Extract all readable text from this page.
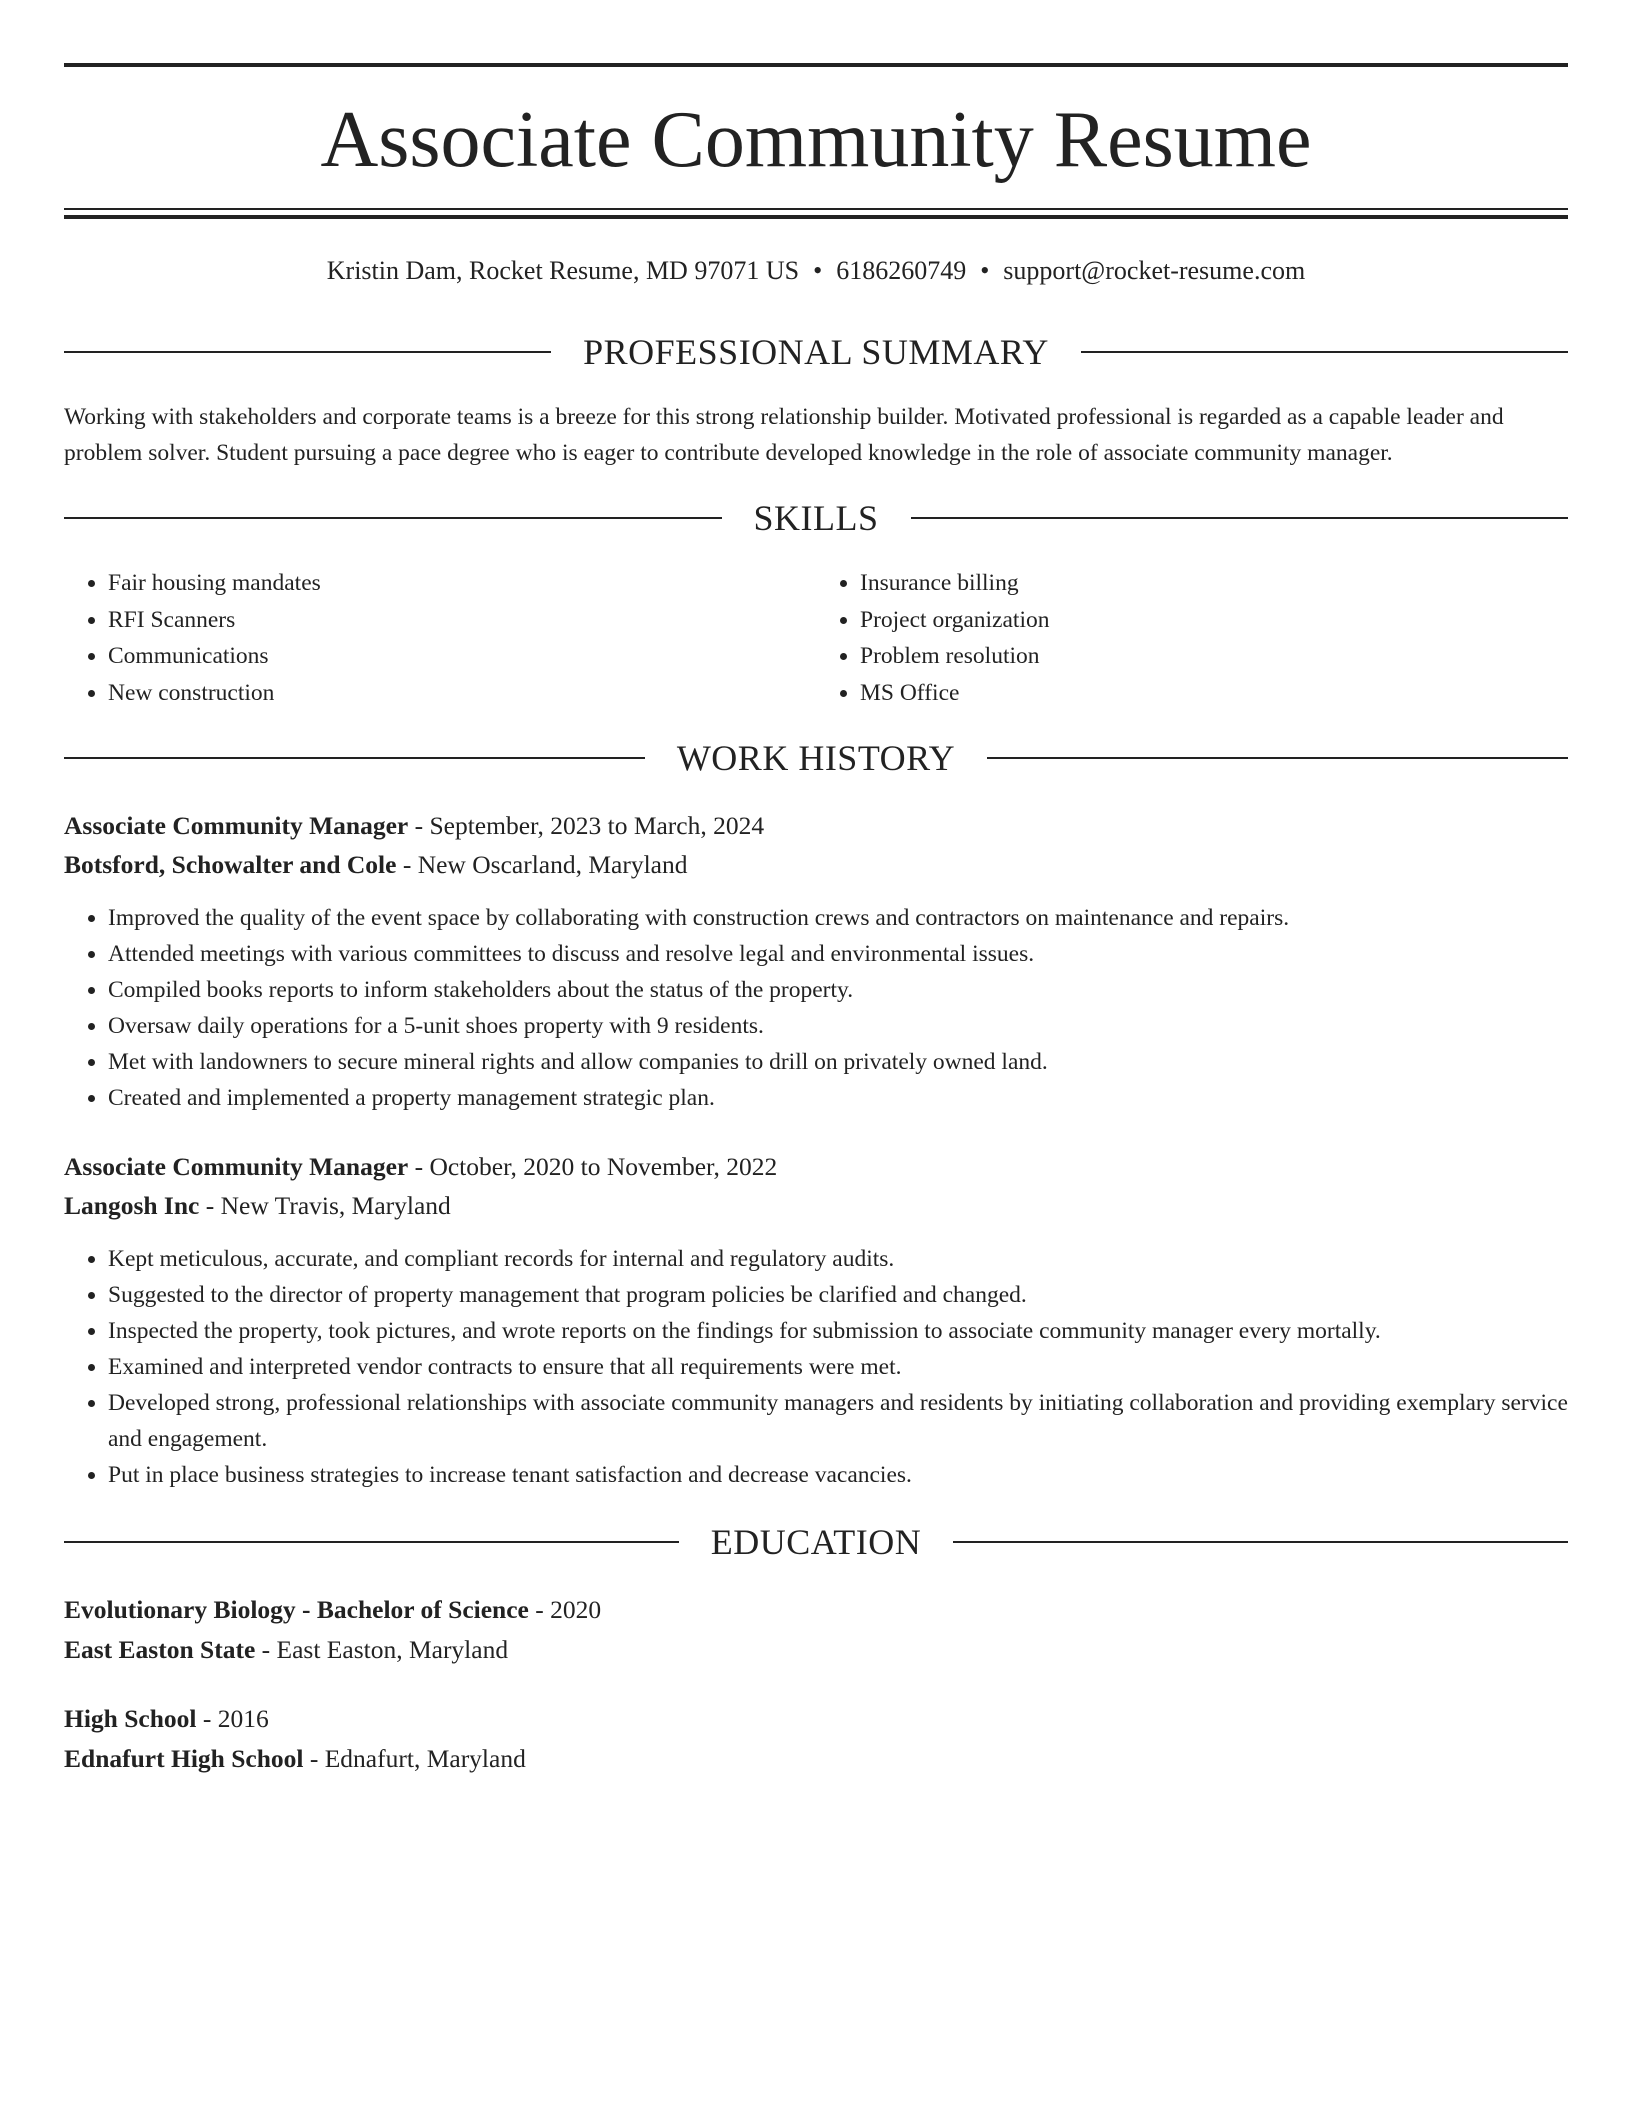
Associate Community Resume
Kristin Dam, Rocket Resume, MD 97071 US • 6186260749 • support@rocket-resume.com
PROFESSIONAL SUMMARY

Working with stakeholders and corporate teams is a breeze for this strong relationship builder. Motivated professional is regarded as a capable leader and problem solver. Student pursuing a pace degree who is eager to contribute developed knowledge in the role of associate community manager.

SKILLS
• Fair housing mandates
• RFI Scanners
• Communications
• New construction
• Insurance billing
• Project organization
• Problem resolution
• MS Office
WORK HISTORY
Associate Community Manager - September, 2023 to March, 2024
Botsford, Schowalter and Cole - New Oscarland, Maryland
• Improved the quality of the event space by collaborating with construction crews and contractors on maintenance and repairs.
• Attended meetings with various committees to discuss and resolve legal and environmental issues.
• Compiled books reports to inform stakeholders about the status of the property.
• Oversaw daily operations for a 5-unit shoes property with 9 residents.
• Met with landowners to secure mineral rights and allow companies to drill on privately owned land.
• Created and implemented a property management strategic plan.
Associate Community Manager - October, 2020 to November, 2022
Langosh Inc - New Travis, Maryland
• Kept meticulous, accurate, and compliant records for internal and regulatory audits.
• Suggested to the director of property management that program policies be clarified and changed.
• Inspected the property, took pictures, and wrote reports on the findings for submission to associate community manager every mortally.
• Examined and interpreted vendor contracts to ensure that all requirements were met.
• Developed strong, professional relationships with associate community managers and residents by initiating collaboration and providing exemplary service and engagement.
• Put in place business strategies to increase tenant satisfaction and decrease vacancies.
EDUCATION
Evolutionary Biology - Bachelor of Science - 2020
East Easton State - East Easton, Maryland
High School - 2016
Ednafurt High School - Ednafurt, Maryland
